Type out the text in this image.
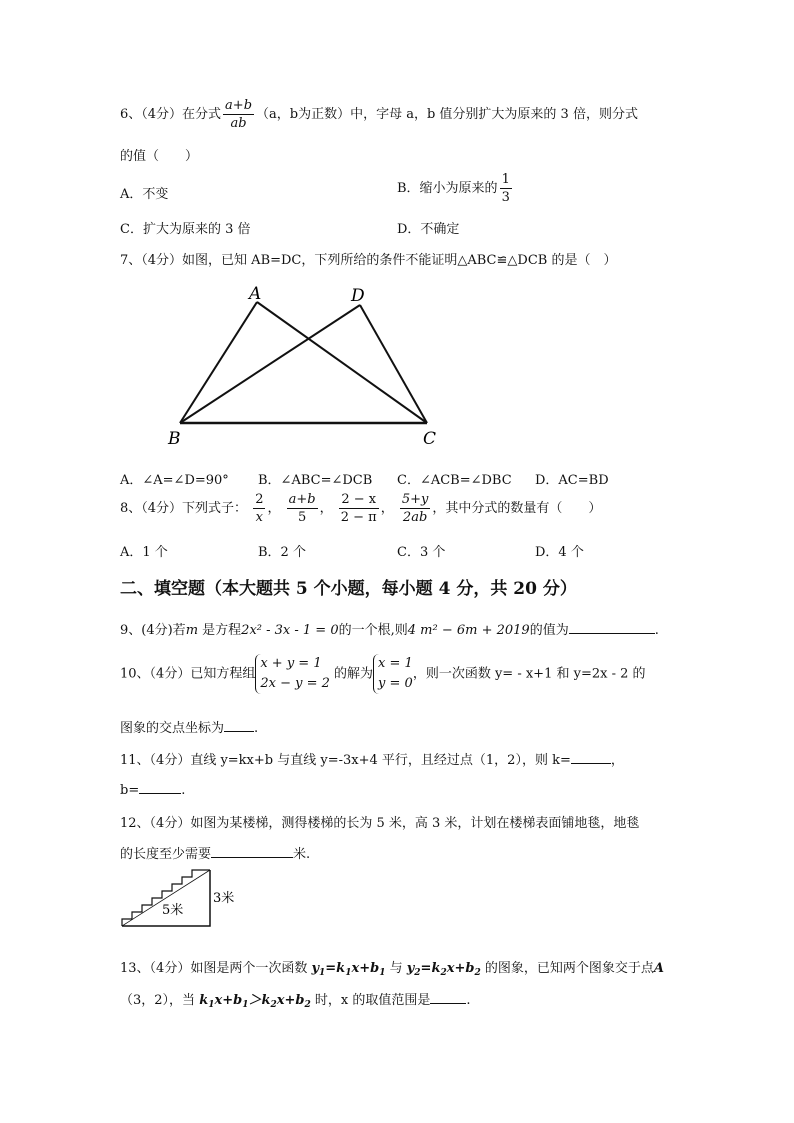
6、（4分）在分式 $\frac{a+b}{ab} (a$，b为正数）中，字母 a，b 值分别扩大为原来的 3 倍，则分式
的值（　　）
A．不变	B．缩小为原来的 $\frac{1}{3}$
C．扩大为原来的 3 倍	D．不确定
7、（4分）如图，已知 AB=DC，下列所给的条件不能证明△ABC≌△DCB 的是（　）
A	D
B	C
A．∠A=∠D=90° B．∠ABC=∠DCB C．∠ACB=∠DBC D．AC=BD
8、（4分）下列式子： $\frac{2}{x}$ ， $\frac{a+b}{5}$ ， $\frac{2 - x}{2 - \pi}$ ， $\frac{5+y}{2ab}$ ，其中分式的数量有（　　）
A．1 个	B．2 个	C．3 个	D．4 个
二、填空题（本大题共 5 个小题，每小题 4 分，共 20 分）
9、(4分)若m 是方程2x² - 3x - 1 = 0的一个根,则4 m² − 6m + 2019的值为	.
10、（4分）已知方程组
x + y = 1
2x − y = 2
的解为
x = 1
y = 0
，则一次函数 y= - x+1 和 y=2x - 2 的
图象的交点坐标为 .
11、（4分）直线 y=kx+b 与直线 y=-3x+4 平行，且经过点（1，2），则 k=	，
b=	.
12、（4分）如图为某楼梯，测得楼梯的长为 5 米，高 3 米，计划在楼梯表面铺地毯，地毯
的长度至少需要	米.
5米
3米
13、（4分）如图是两个一次函数 $y_1=k_1x+b_1$ 与 $y_2=k_2x+b_2$ 的图象，已知两个图象交于点A
（3，2），当 $k_1x+b_1>k_2x+b_2$ 时，x 的取值范围是	.
